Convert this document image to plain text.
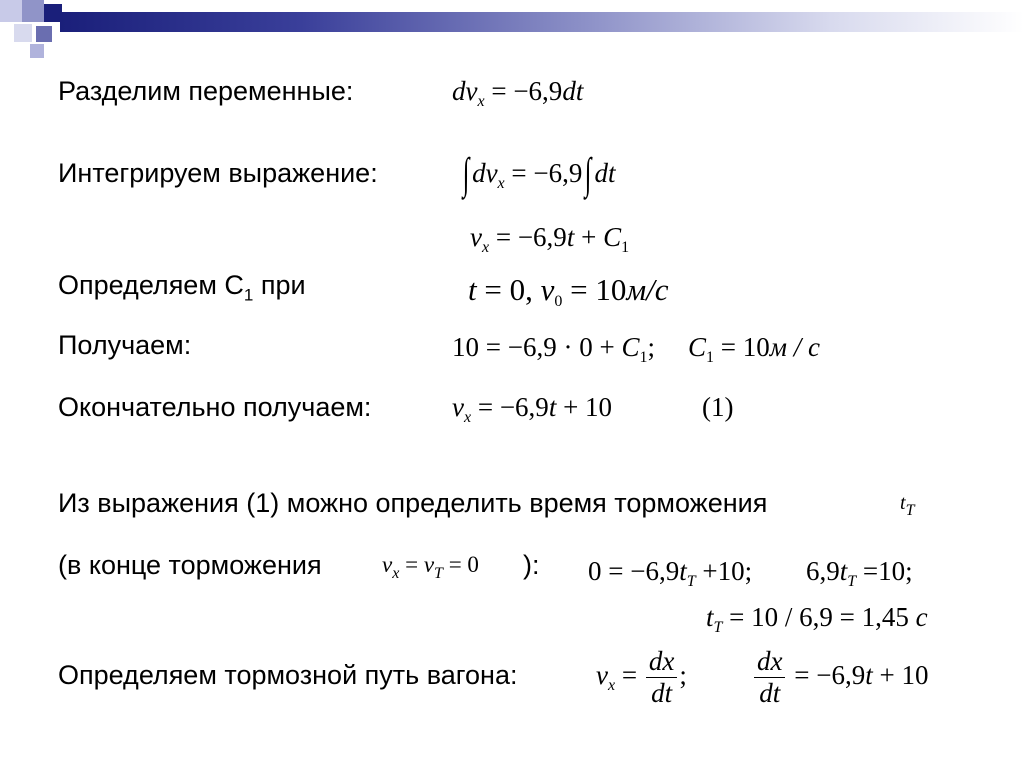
Разделим переменные:
Интегрируем выражение:
Определяем $C_1$ при
Получаем:
Окончательно получаем:
Из выражения (1) можно определить время торможения
(в конце торможения	):
Определяем тормозной путь вагона:
$dv_x = -6,9dt$
∫ $dv_x = -6,9\int$ dt
$v_x = -6,9t + C_1$
t = 0, $v_0 = 10м/с$
$10 = -6,9 \cdot 0 + C_1$; $C_1 = 10м / с$
$v_x = -6,9t + 10$	(1)
$t_T$
$v_x = v_T = 0$	$0 = -6,9t_T +10$; $6,9t_T =10$;
$t_T = 10 / 6,9 = 1,45$ c
$v_x = \frac{dx}{dt}$ ; $\frac{dx}{dt} = -6,9t + 10$
